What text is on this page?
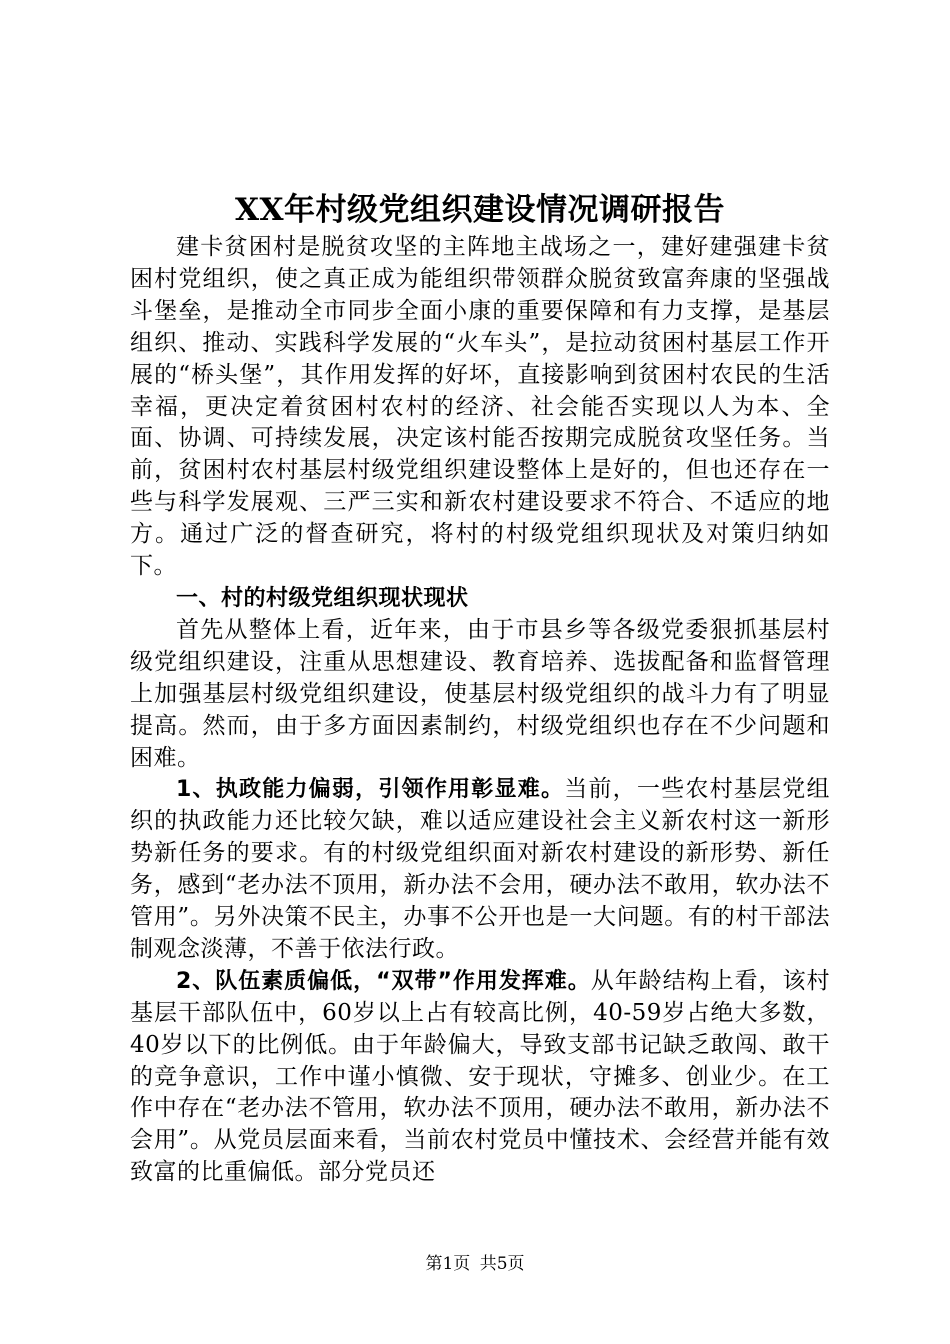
XX年村级党组织建设情况调研报告

建卡贫困村是脱贫攻坚的主阵地主战场之一，建好建强建卡贫困村党组织，使之真正成为能组织带领群众脱贫致富奔康的坚强战斗堡垒，是推动全市同步全面小康的重要保障和有力支撑，是基层组织、推动、实践科学发展的“火车头”，是拉动贫困村基层工作开展的“桥头堡”，其作用发挥的好坏，直接影响到贫困村农民的生活幸福，更决定着贫困村农村的经济、社会能否实现以人为本、全面、协调、可持续发展，决定该村能否按期完成脱贫攻坚任务。当前，贫困村农村基层村级党组织建设整体上是好的，但也还存在一些与科学发展观、三严三实和新农村建设要求不符合、不适应的地方。通过广泛的督查研究，将村的村级党组织现状及对策归纳如下。

一、村的村级党组织现状现状

首先从整体上看，近年来，由于市县乡等各级党委狠抓基层村级党组织建设，注重从思想建设、教育培养、选拔配备和监督管理上加强基层村级党组织建设，使基层村级党组织的战斗力有了明显提高。然而，由于多方面因素制约，村级党组织也存在不少问题和困难。

1、执政能力偏弱，引领作用彰显难。当前，一些农村基层党组织的执政能力还比较欠缺，难以适应建设社会主义新农村这一新形势新任务的要求。有的村级党组织面对新农村建设的新形势、新任务，感到“老办法不顶用，新办法不会用，硬办法不敢用，软办法不管用”。另外决策不民主，办事不公开也是一大问题。有的村干部法制观念淡薄，不善于依法行政。

2、队伍素质偏低，“双带”作用发挥难。从年龄结构上看，该村基层干部队伍中，60岁以上占有较高比例，40-59岁占绝大多数，40岁以下的比例低。由于年龄偏大，导致支部书记缺乏敢闯、敢干的竞争意识，工作中谨小慎微、安于现状，守摊多、创业少。在工作中存在“老办法不管用，软办法不顶用，硬办法不敢用，新办法不会用”。从党员层面来看，当前农村党员中懂技术、会经营并能有效致富的比重偏低。部分党员还

第1页 共5页
